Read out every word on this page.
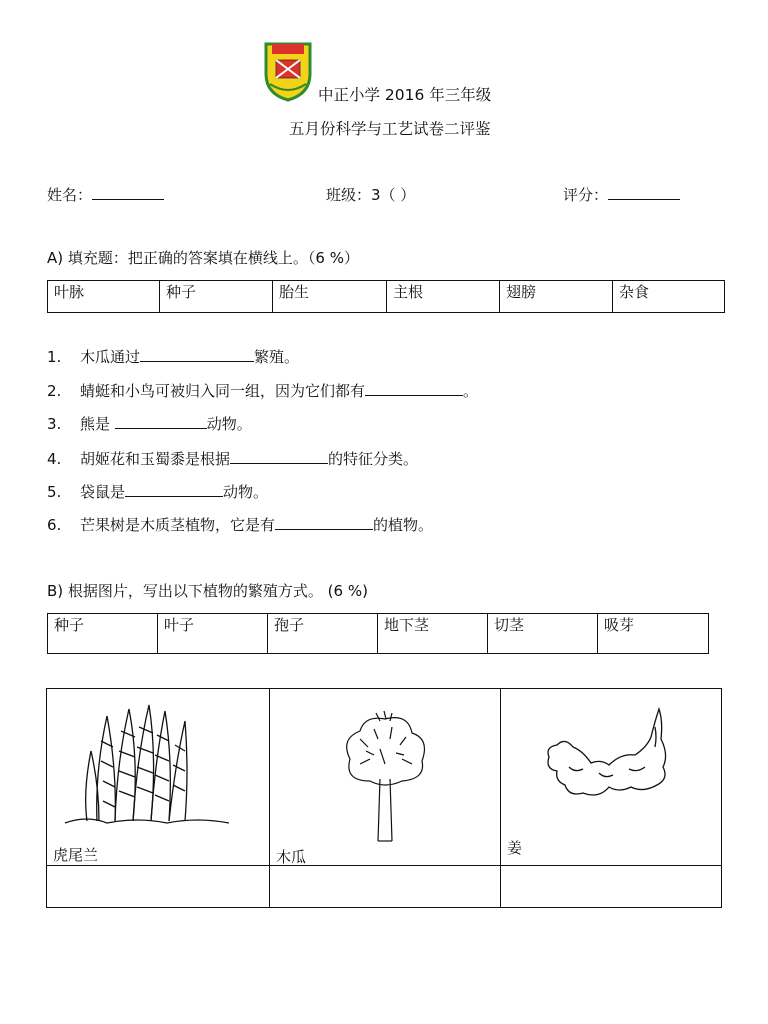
中正小学 2016 年三年级
五月份科学与工艺试卷二评鉴
姓名：	班级：3（ ）	评分：
A) 填充题：把正确的答案填在横线上。（6 %）
叶脉	种子	胎生	主根	翅膀	杂食
1. 木瓜通过	繁殖。
2. 蜻蜓和小鸟可被归入同一组，因为它们都有	。
3. 熊是	动物。
4. 胡姬花和玉蜀黍是根据	的特征分类。
5. 袋鼠是	动物。
6. 芒果树是木质茎植物，它是有	的植物。
B) 根据图片，写出以下植物的繁殖方式。 (6 %)
种子	叶子	孢子	地下茎	切茎	吸芽
虎尾兰	木瓜	姜
